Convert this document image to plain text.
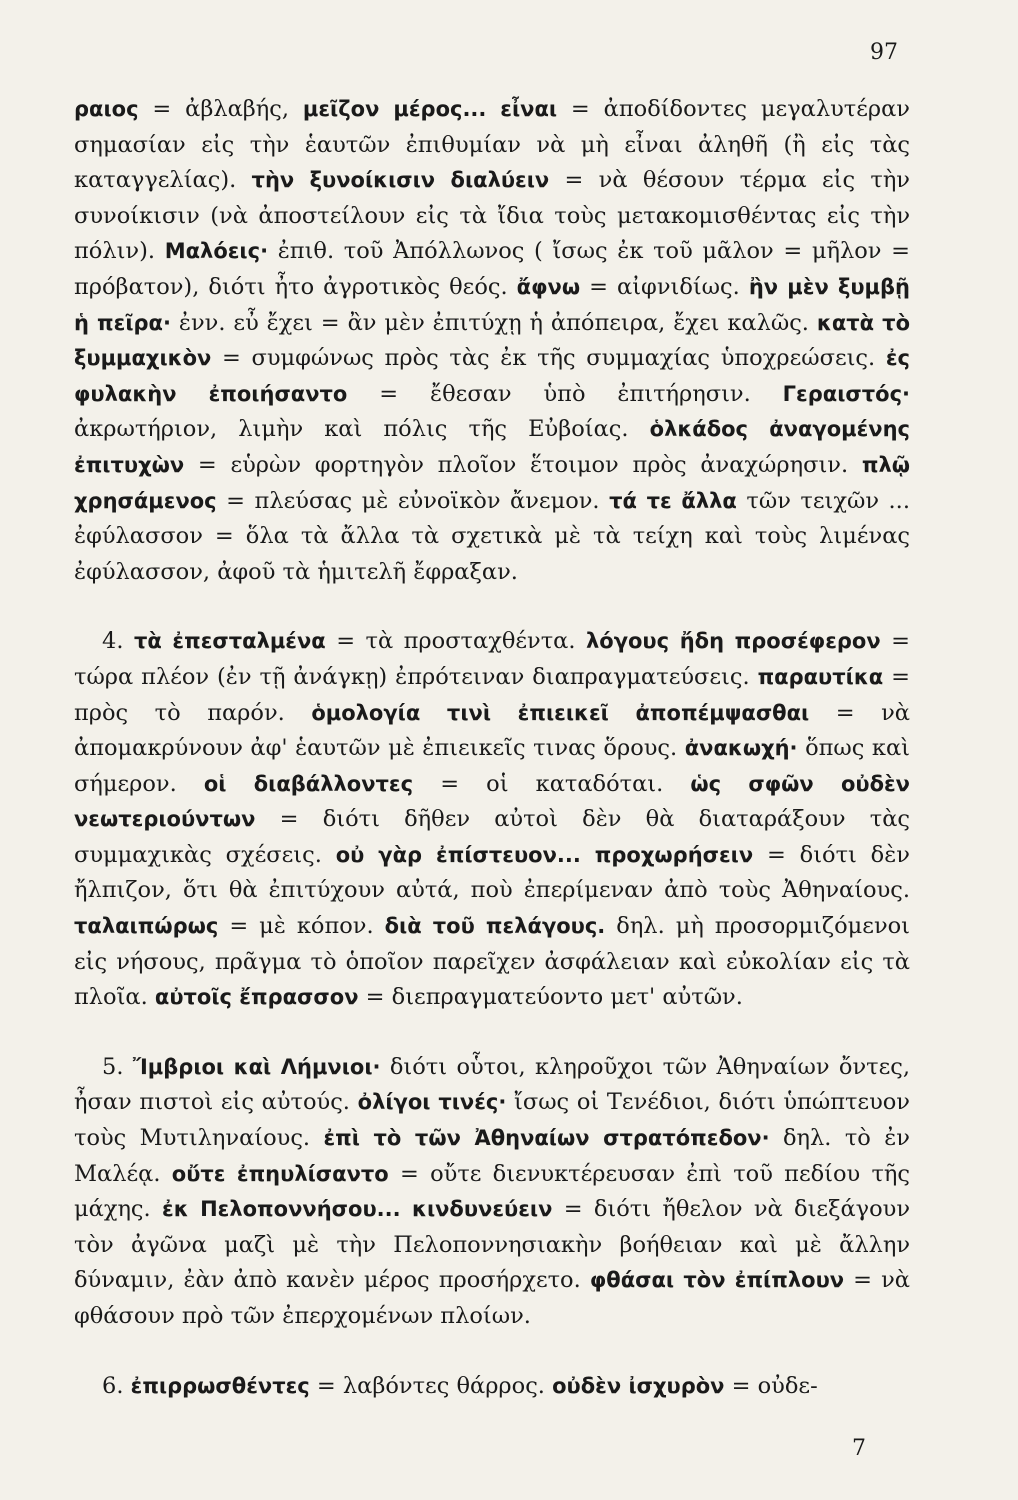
97

ραιος = ἀβλαβής, μεῖζον μέρος... εἶναι = ἀποδίδοντες μεγαλυτέραν σημασίαν εἰς τὴν ἑαυτῶν ἐπιθυμίαν νὰ μὴ εἶναι ἀληθῆ (ἢ εἰς τὰς καταγγελίας). τὴν ξυνοίκισιν διαλύειν = νὰ θέσουν τέρμα εἰς τὴν συνοίκισιν (νὰ ἀποστείλουν εἰς τὰ ἴδια τοὺς μετακομισθέντας εἰς τὴν πόλιν). Μαλόεις· ἐπιθ. τοῦ Ἀπόλλωνος ( ἴσως ἐκ τοῦ μᾶλον = μῆλον = πρόβατον), διότι ἦτο ἀγροτικὸς θεός. ἄφνω = αἰφνιδίως. ἢν μὲν ξυμβῇ ἡ πεῖρα· ἐνν. εὖ ἔχει = ἂν μὲν ἐπιτύχῃ ἡ ἀπόπειρα, ἔχει καλῶς. κατὰ τὸ ξυμμαχικὸν = συμφώνως πρὸς τὰς ἐκ τῆς συμμαχίας ὑποχρεώσεις. ἐς φυλακὴν ἐποιήσαντο = ἔθεσαν ὑπὸ ἐπιτήρησιν. Γεραιστός· ἀκρωτήριον, λιμὴν καὶ πόλις τῆς Εὐβοίας. ὁλκάδος ἀναγομένης ἐπιτυχὼν = εὑρὼν φορτηγὸν πλοῖον ἕτοιμον πρὸς ἀναχώρησιν. πλῷ χρησάμενος = πλεύσας μὲ εὐνοϊκὸν ἄνεμον. τά τε ἄλλα τῶν τειχῶν ... ἐφύλασσον = ὅλα τὰ ἄλλα τὰ σχετικὰ μὲ τὰ τείχη καὶ τοὺς λιμένας ἐφύλασσον, ἀφοῦ τὰ ἡμιτελῆ ἔφραξαν.

4. τὰ ἐπεσταλμένα = τὰ προσταχθέντα. λόγους ἤδη προσέφερον = τώρα πλέον (ἐν τῇ ἀνάγκῃ) ἐπρότειναν διαπραγματεύσεις. παραυτίκα = πρὸς τὸ παρόν. ὁμολογία τινὶ ἐπιεικεῖ ἀποπέμψασθαι = νὰ ἀπομακρύνουν ἀφ' ἑαυτῶν μὲ ἐπιεικεῖς τινας ὅρους. ἀνακωχή· ὅπως καὶ σήμερον. οἱ διαβάλλοντες = οἱ καταδόται. ὡς σφῶν οὐδὲν νεωτεριούντων = διότι δῆθεν αὐτοὶ δὲν θὰ διαταράξουν τὰς συμμαχικὰς σχέσεις. οὐ γὰρ ἐπίστευον... προχωρήσειν = διότι δὲν ἤλπιζον, ὅτι θὰ ἐπιτύχουν αὐτά, ποὺ ἐπερίμεναν ἀπὸ τοὺς Ἀθηναίους. ταλαιπώρως = μὲ κόπον. διὰ τοῦ πελάγους. δηλ. μὴ προσορμιζόμενοι εἰς νήσους, πρᾶγμα τὸ ὁποῖον παρεῖχεν ἀσφάλειαν καὶ εὐκολίαν εἰς τὰ πλοῖα. αὐτοῖς ἔπρασσον = διεπραγματεύοντο μετ' αὐτῶν.

5. Ἴμβριοι καὶ Λήμνιοι· διότι οὗτοι, κληροῦχοι τῶν Ἀθηναίων ὄντες, ἦσαν πιστοὶ εἰς αὐτούς. ὀλίγοι τινές· ἴσως οἱ Τενέδιοι, διότι ὑπώπτευον τοὺς Μυτιληναίους. ἐπὶ τὸ τῶν Ἀθηναίων στρατόπεδον· δηλ. τὸ ἐν Μαλέᾳ. οὔτε ἐπηυλίσαντο = οὔτε διενυκτέρευσαν ἐπὶ τοῦ πεδίου τῆς μάχης. ἐκ Πελοποννήσου... κινδυνεύειν = διότι ἤθελον νὰ διεξάγουν τὸν ἀγῶνα μαζὶ μὲ τὴν Πελοποννησιακὴν βοήθειαν καὶ μὲ ἄλλην δύναμιν, ἐὰν ἀπὸ κανὲν μέρος προσήρχετο. φθάσαι τὸν ἐπίπλουν = νὰ φθάσουν πρὸ τῶν ἐπερχομένων πλοίων.

6. ἐπιρρωσθέντες = λαβόντες θάρρος. οὐδὲν ἰσχυρὸν = οὐδε-

7
